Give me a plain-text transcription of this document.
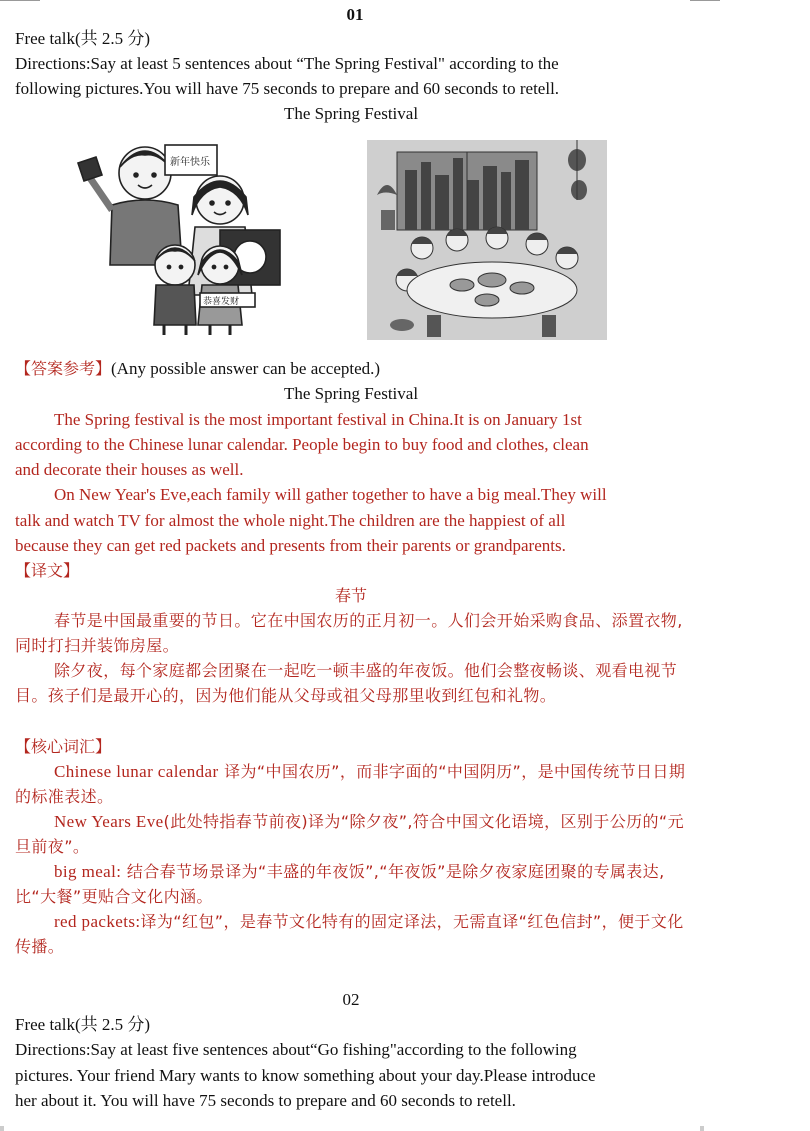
01
Free talk(共 2.5 分)
Directions:Say at least 5 sentences about “The Spring Festival" according to the
following pictures.You will have 75 seconds to prepare and 60 seconds to retell.
The Spring Festival
新年快乐
恭喜发财
【答案参考】(Any possible answer can be accepted.)
The Spring Festival
The Spring festival is the most important festival in China.It is on January 1st
according to the Chinese lunar calendar. People begin to buy food and clothes, clean
and decorate their houses as well.
On New Year's Eve,each family will gather together to have a big meal.They will
talk and watch TV for almost the whole night.The children are the happiest of all
because they can get red packets and presents from their parents or grandparents.
【译文】
春节
春节是中国最重要的节日。它在中国农历的正月初一。人们会开始采购食品、添置衣物,同时打扫并装饰房屋。
除夕夜，每个家庭都会团聚在一起吃一顿丰盛的年夜饭。他们会整夜畅谈、观看电视节目。孩子们是最开心的，因为他们能从父母或祖父母那里收到红包和礼物。
【核心词汇】
Chinese lunar calendar 译为“中国农历”，而非字面的“中国阴历”，是中国传统节日日期的标准表述。
New Years Eve(此处特指春节前夜)译为“除夕夜”,符合中国文化语境，区别于公历的“元旦前夜”。
big meal: 结合春节场景译为“丰盛的年夜饭”,“年夜饭”是除夕夜家庭团聚的专属表达,比“大餐”更贴合文化内涵。
red packets:译为“红包”，是春节文化特有的固定译法，无需直译“红色信封”，便于文化传播。
02
Free talk(共 2.5 分)
Directions:Say at least five sentences about“Go fishing"according to the following
pictures. Your friend Mary wants to know something about your day.Please introduce
her about it. You will have 75 seconds to prepare and 60 seconds to retell.
